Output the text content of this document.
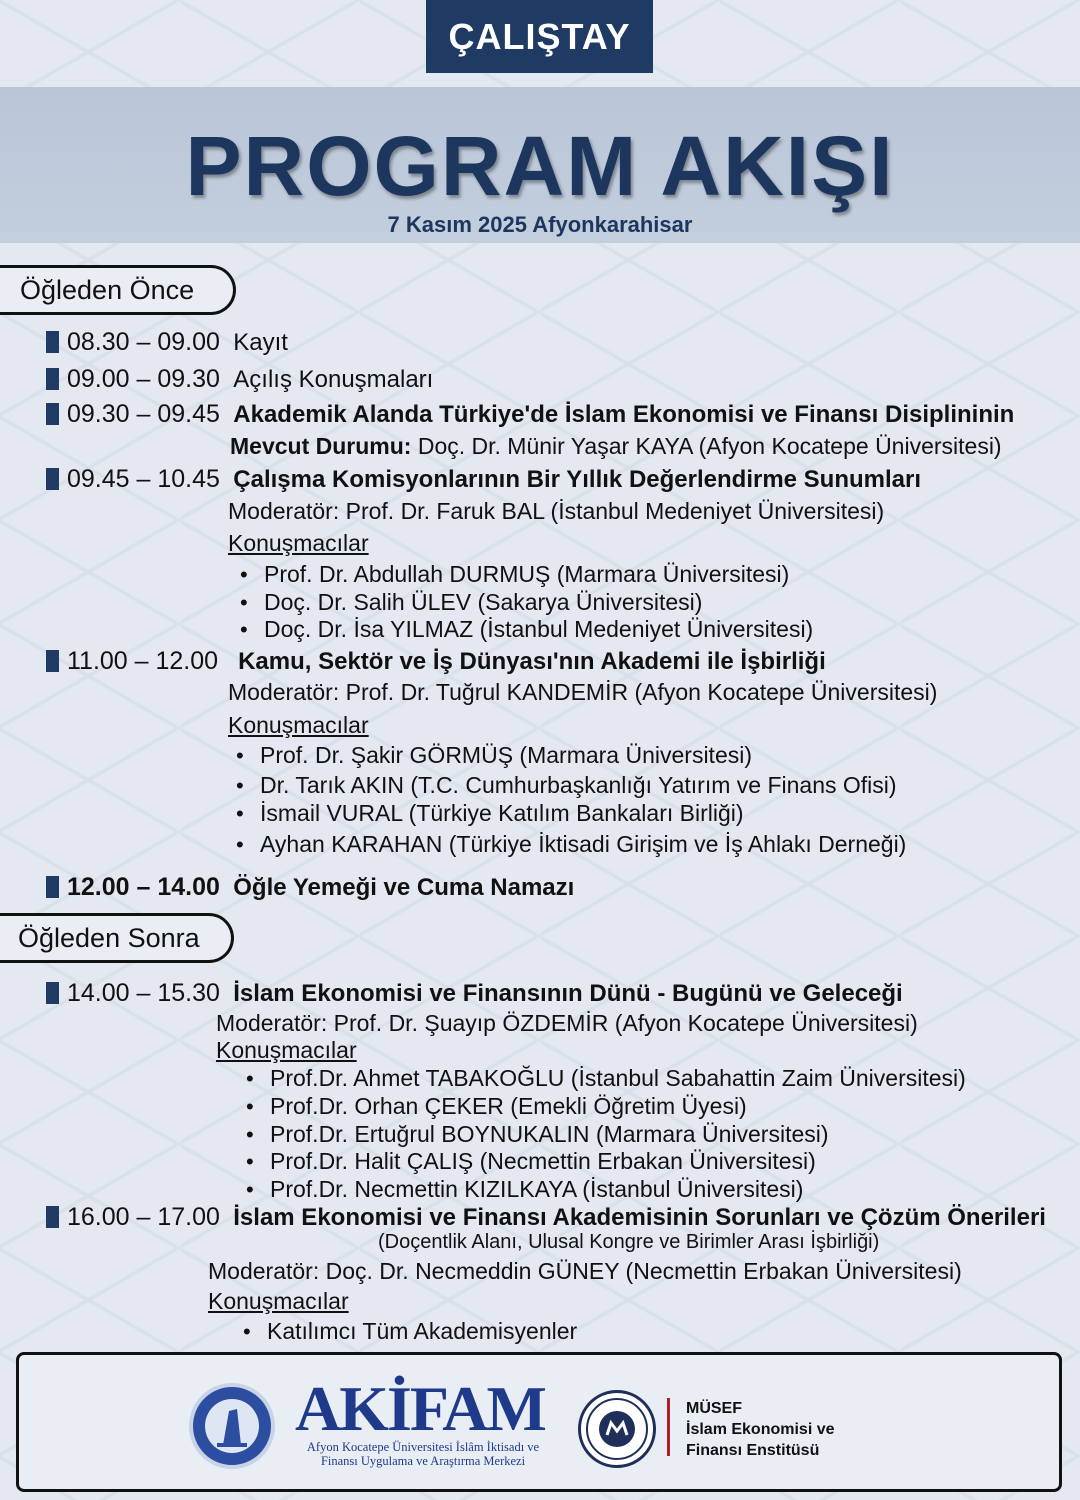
ÇALIŞTAY
PROGRAM AKIŞI
7 Kasım 2025 Afyonkarahisar
Öğleden Önce
08.30 – 09.00 Kayıt
09.00 – 09.30 Açılış Konuşmaları
09.30 – 09.45 Akademik Alanda Türkiye'de İslam Ekonomisi ve Finansı Disiplininin
Mevcut Durumu: Doç. Dr. Münir Yaşar KAYA (Afyon Kocatepe Üniversitesi)
09.45 – 10.45 Çalışma Komisyonlarının Bir Yıllık Değerlendirme Sunumları
Moderatör: Prof. Dr. Faruk BAL (İstanbul Medeniyet Üniversitesi)
Konuşmacılar
• Prof. Dr. Abdullah DURMUŞ (Marmara Üniversitesi)
• Doç. Dr. Salih ÜLEV (Sakarya Üniversitesi)
• Doç. Dr. İsa YILMAZ (İstanbul Medeniyet Üniversitesi)
11.00 – 12.00 Kamu, Sektör ve İş Dünyası'nın Akademi ile İşbirliği
Moderatör: Prof. Dr. Tuğrul KANDEMİR (Afyon Kocatepe Üniversitesi)
Konuşmacılar
• Prof. Dr. Şakir GÖRMÜŞ (Marmara Üniversitesi)
• Dr. Tarık AKIN (T.C. Cumhurbaşkanlığı Yatırım ve Finans Ofisi)
• İsmail VURAL (Türkiye Katılım Bankaları Birliği)
• Ayhan KARAHAN (Türkiye İktisadi Girişim ve İş Ahlakı Derneği)
12.00 – 14.00 Öğle Yemeği ve Cuma Namazı
Öğleden Sonra
14.00 – 15.30 İslam Ekonomisi ve Finansının Dünü - Bugünü ve Geleceği
Moderatör: Prof. Dr. Şuayıp ÖZDEMİR (Afyon Kocatepe Üniversitesi)
Konuşmacılar
• Prof.Dr. Ahmet TABAKOĞLU (İstanbul Sabahattin Zaim Üniversitesi)
• Prof.Dr. Orhan ÇEKER (Emekli Öğretim Üyesi)
• Prof.Dr. Ertuğrul BOYNUKALIN (Marmara Üniversitesi)
• Prof.Dr. Halit ÇALIŞ (Necmettin Erbakan Üniversitesi)
• Prof.Dr. Necmettin KIZILKAYA (İstanbul Üniversitesi)
16.00 – 17.00 İslam Ekonomisi ve Finansı Akademisinin Sorunları ve Çözüm Önerileri
(Doçentlik Alanı, Ulusal Kongre ve Birimler Arası İşbirliği)
Moderatör: Doç. Dr. Necmeddin GÜNEY (Necmettin Erbakan Üniversitesi)
Konuşmacılar
• Katılımcı Tüm Akademisyenler
AKİFAM
Afyon Kocatepe Üniversitesi İslâm İktisadı ve Finansı Uygulama ve Araştırma Merkezi
MÜSEF
İslam Ekonomisi ve
Finansı Enstitüsü
